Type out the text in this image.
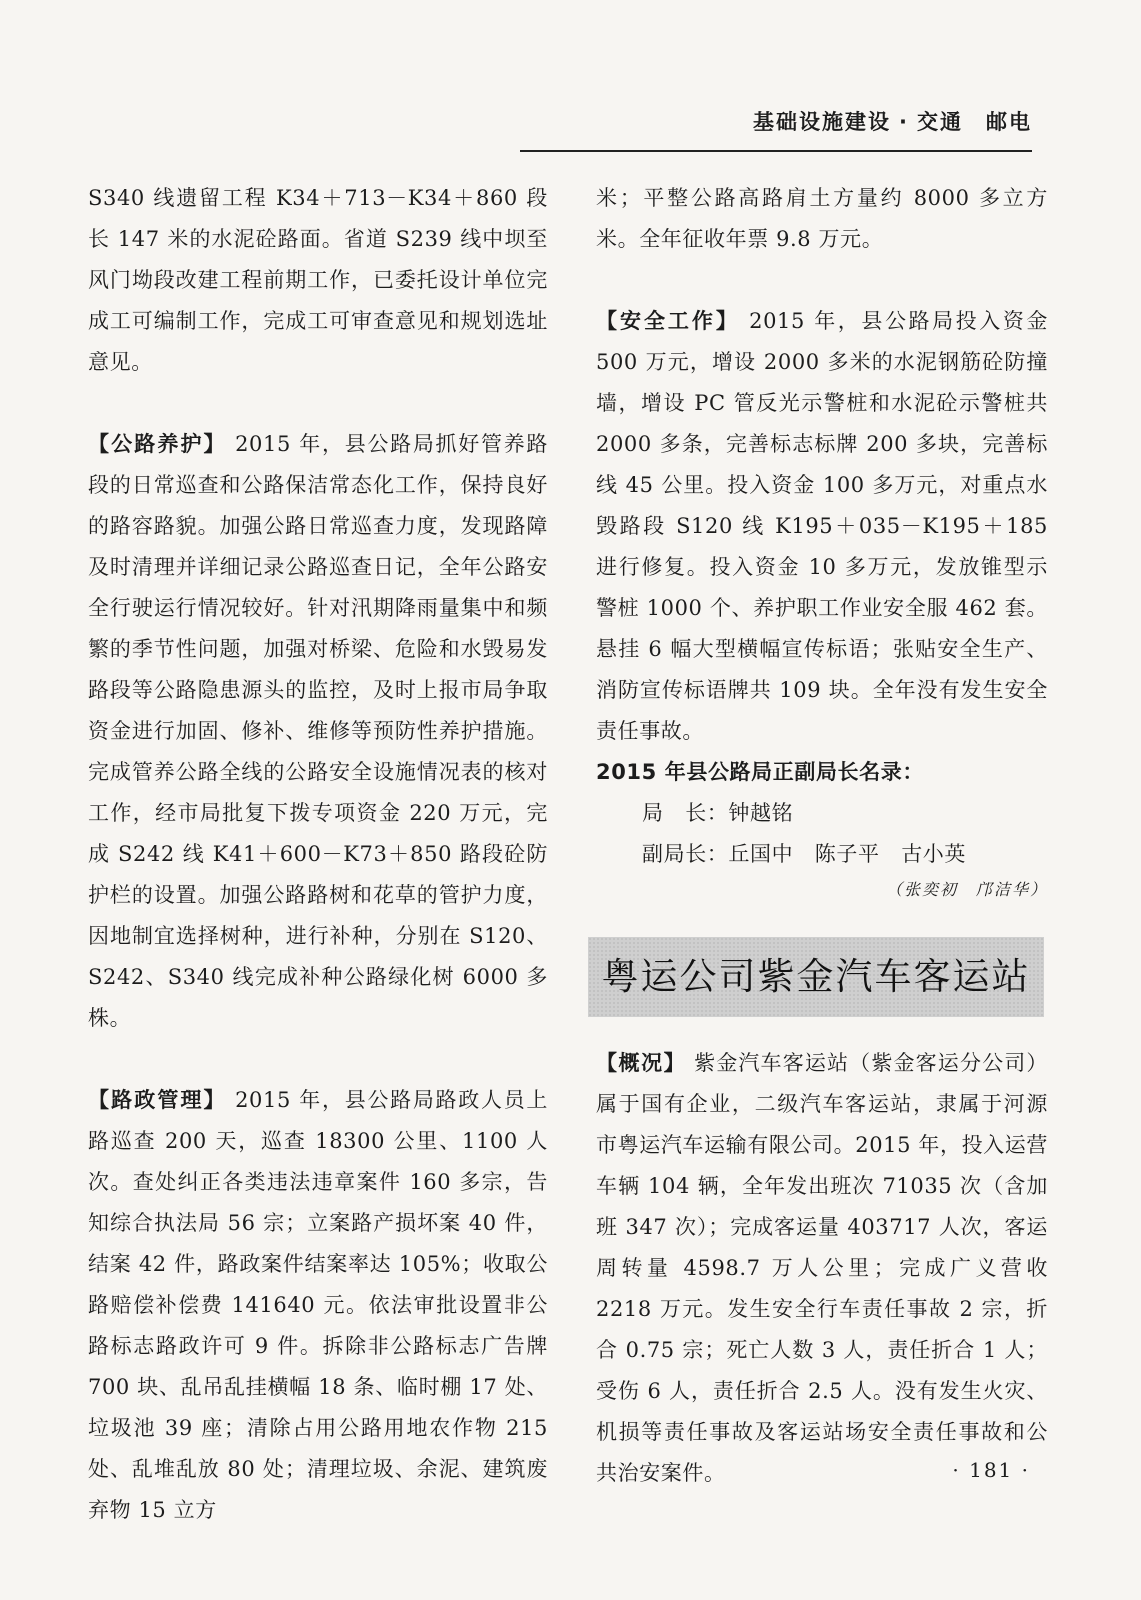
基础设施建设 · 交通　邮电

S340 线遗留工程 K34＋713－K34＋860 段长 147 米的水泥砼路面。省道 S239 线中坝至风门坳段改建工程前期工作，已委托设计单位完成工可编制工作，完成工可审查意见和规划选址意见。

【公路养护】 2015 年，县公路局抓好管养路段的日常巡查和公路保洁常态化工作，保持良好的路容路貌。加强公路日常巡查力度，发现路障及时清理并详细记录公路巡查日记，全年公路安全行驶运行情况较好。针对汛期降雨量集中和频繁的季节性问题，加强对桥梁、危险和水毁易发路段等公路隐患源头的监控，及时上报市局争取资金进行加固、修补、维修等预防性养护措施。完成管养公路全线的公路安全设施情况表的核对工作，经市局批复下拨专项资金 220 万元，完成 S242 线 K41＋600－K73＋850 路段砼防护栏的设置。加强公路路树和花草的管护力度，因地制宜选择树种，进行补种，分别在 S120、S242、S340 线完成补种公路绿化树 6000 多株。

【路政管理】 2015 年，县公路局路政人员上路巡查 200 天，巡查 18300 公里、1100 人次。查处纠正各类违法违章案件 160 多宗，告知综合执法局 56 宗；立案路产损坏案 40 件，结案 42 件，路政案件结案率达 105%；收取公路赔偿补偿费 141640 元。依法审批设置非公路标志路政许可 9 件。拆除非公路标志广告牌 700 块、乱吊乱挂横幅 18 条、临时棚 17 处、垃圾池 39 座；清除占用公路用地农作物 215 处、乱堆乱放 80 处；清理垃圾、余泥、建筑废弃物 15 立方

米；平整公路高路肩土方量约 8000 多立方米。全年征收年票 9.8 万元。

【安全工作】 2015 年，县公路局投入资金 500 万元，增设 2000 多米的水泥钢筋砼防撞墙，增设 PC 管反光示警桩和水泥砼示警桩共 2000 多条，完善标志标牌 200 多块，完善标线 45 公里。投入资金 100 多万元，对重点水毁路段 S120 线 K195＋035－K195＋185 进行修复。投入资金 10 多万元，发放锥型示警桩 1000 个、养护职工作业安全服 462 套。悬挂 6 幅大型横幅宣传标语；张贴安全生产、消防宣传标语牌共 109 块。全年没有发生安全责任事故。

2015 年县公路局正副局长名录：
局　长：钟越铭
副局长：丘国中　陈子平　古小英
（张奕初　邝洁华）
粤运公司紫金汽车客运站

【概况】 紫金汽车客运站（紫金客运分公司）属于国有企业，二级汽车客运站，隶属于河源市粤运汽车运输有限公司。2015 年，投入运营车辆 104 辆，全年发出班次 71035 次（含加班 347 次）；完成客运量 403717 人次，客运周转量 4598.7 万人公里；完成广义营收 2218 万元。发生安全行车责任事故 2 宗，折合 0.75 宗；死亡人数 3 人，责任折合 1 人；受伤 6 人，责任折合 2.5 人。没有发生火灾、机损等责任事故及客运站场安全责任事故和公共治安案件。	· 181 ·
